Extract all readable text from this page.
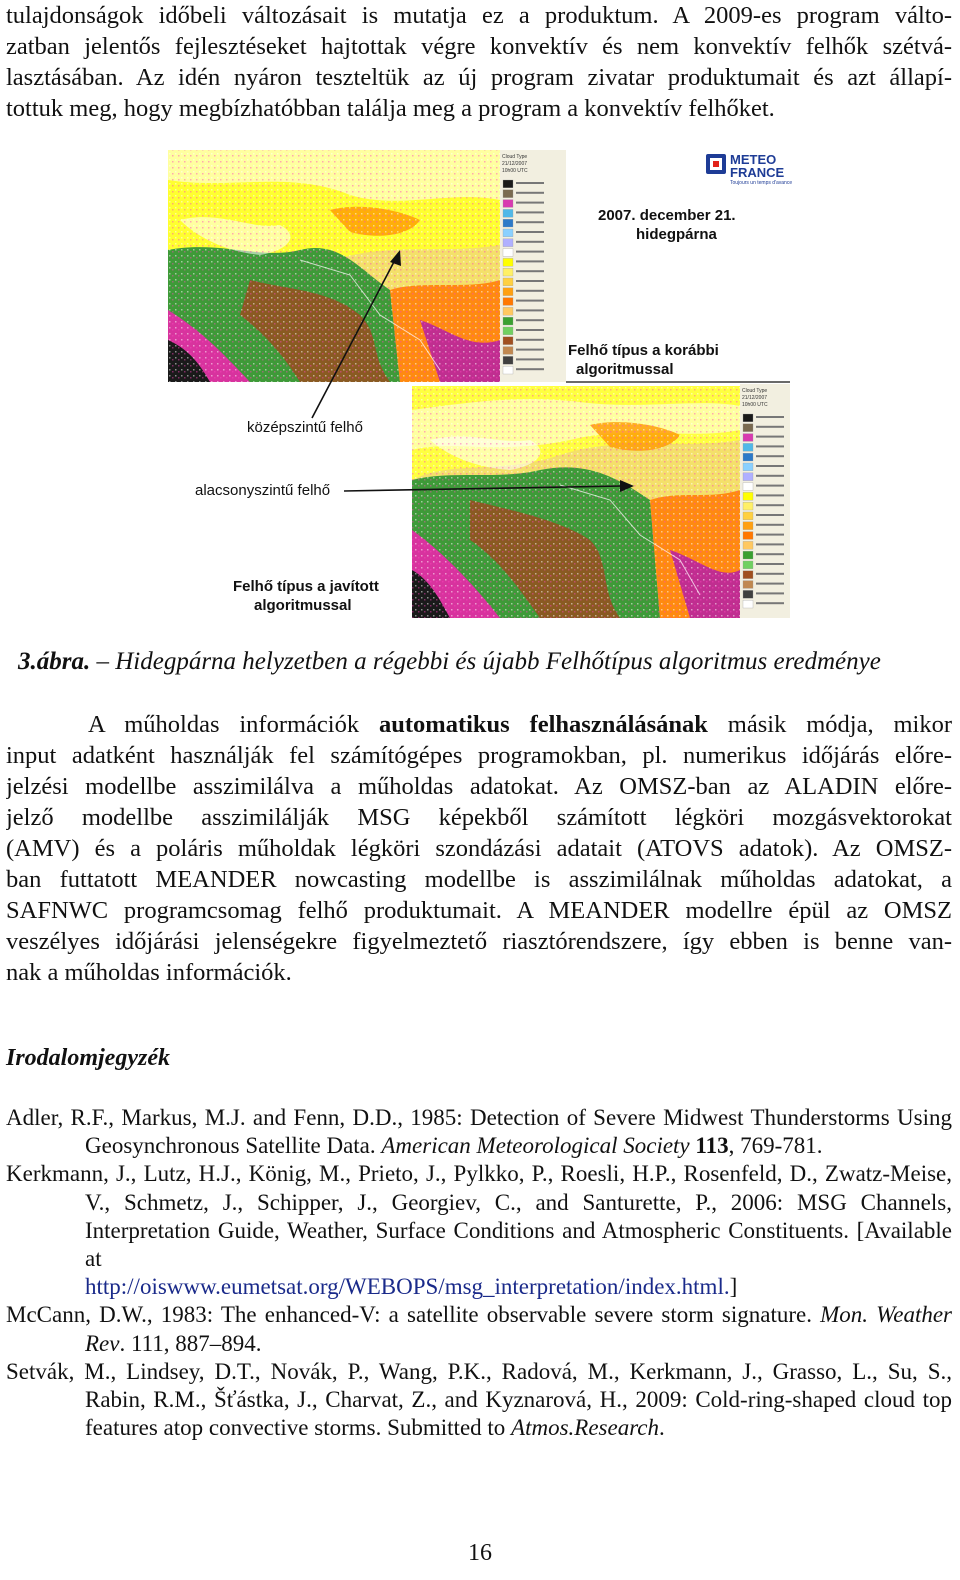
tulajdonságok időbeli változásait is mutatja ez a produktum. A 2009-es program válto-
zatban jelentős fejlesztéseket hajtottak végre konvektív és nem konvektív felhők szétvá-
lasztásában. Az idén nyáron teszteltük az új program zivatar produktumait és azt állapí-
tottuk meg, hogy megbízhatóbban találja meg a program a konvektív felhőket.
Cloud Type
21/12/2007
10h00 UTC
METEO
FRANCE
Toujours un temps d'avance
2007. december 21.
hidegpárna
Felhő típus a korábbi
algoritmussal
Cloud Type
21/12/2007
10h00 UTC
középszintű felhő
alacsonyszintű felhő
Felhő típus a javított
algoritmussal
3.ábra. – Hidegpárna helyzetben a régebbi és újabb Felhőtípus algoritmus eredménye
A műholdas információk automatikus felhasználásának másik módja, mikor
input adatként használják fel számítógépes programokban, pl. numerikus időjárás előre-
jelzési modellbe asszimilálva a műholdas adatokat. Az OMSZ-ban az ALADIN előre-
jelző modellbe asszimilálják MSG képekből számított légköri mozgásvektorokat
(AMV) és a poláris műholdak légköri szondázási adatait (ATOVS adatok). Az OMSZ-
ban futtatott MEANDER nowcasting modellbe is asszimilálnak műholdas adatokat, a
SAFNWC programcsomag felhő produktumait. A MEANDER modellre épül az OMSZ
veszélyes időjárási jelenségekre figyelmeztető riasztórendszere, így ebben is benne van-
nak a műholdas információk.
Irodalomjegyzék
Adler, R.F., Markus, M.J. and Fenn, D.D., 1985: Detection of Severe Midwest Thunderstorms Using Geosynchronous Satellite Data. American Meteorological Society 113, 769-781.
Kerkmann, J., Lutz, H.J., König, M., Prieto, J., Pylkko, P., Roesli, H.P., Rosenfeld, D., Zwatz-Meise, V., Schmetz, J., Schipper, J., Georgiev, C., and Santurette, P., 2006: MSG Channels, Interpretation Guide, Weather, Surface Conditions and Atmospheric Constituents. [Available at
http://oiswww.eumetsat.org/WEBOPS/msg_interpretation/index.html.]
McCann, D.W., 1983: The enhanced-V: a satellite observable severe storm signature. Mon. Weather Rev. 111, 887–894.
Setvák, M., Lindsey, D.T., Novák, P., Wang, P.K., Radová, M., Kerkmann, J., Grasso, L., Su, S., Rabin, R.M., Šťástka, J., Charvat, Z., and Kyznarová, H., 2009: Cold-ring-shaped cloud top features atop convective storms. Submitted to Atmos.Research.
16
